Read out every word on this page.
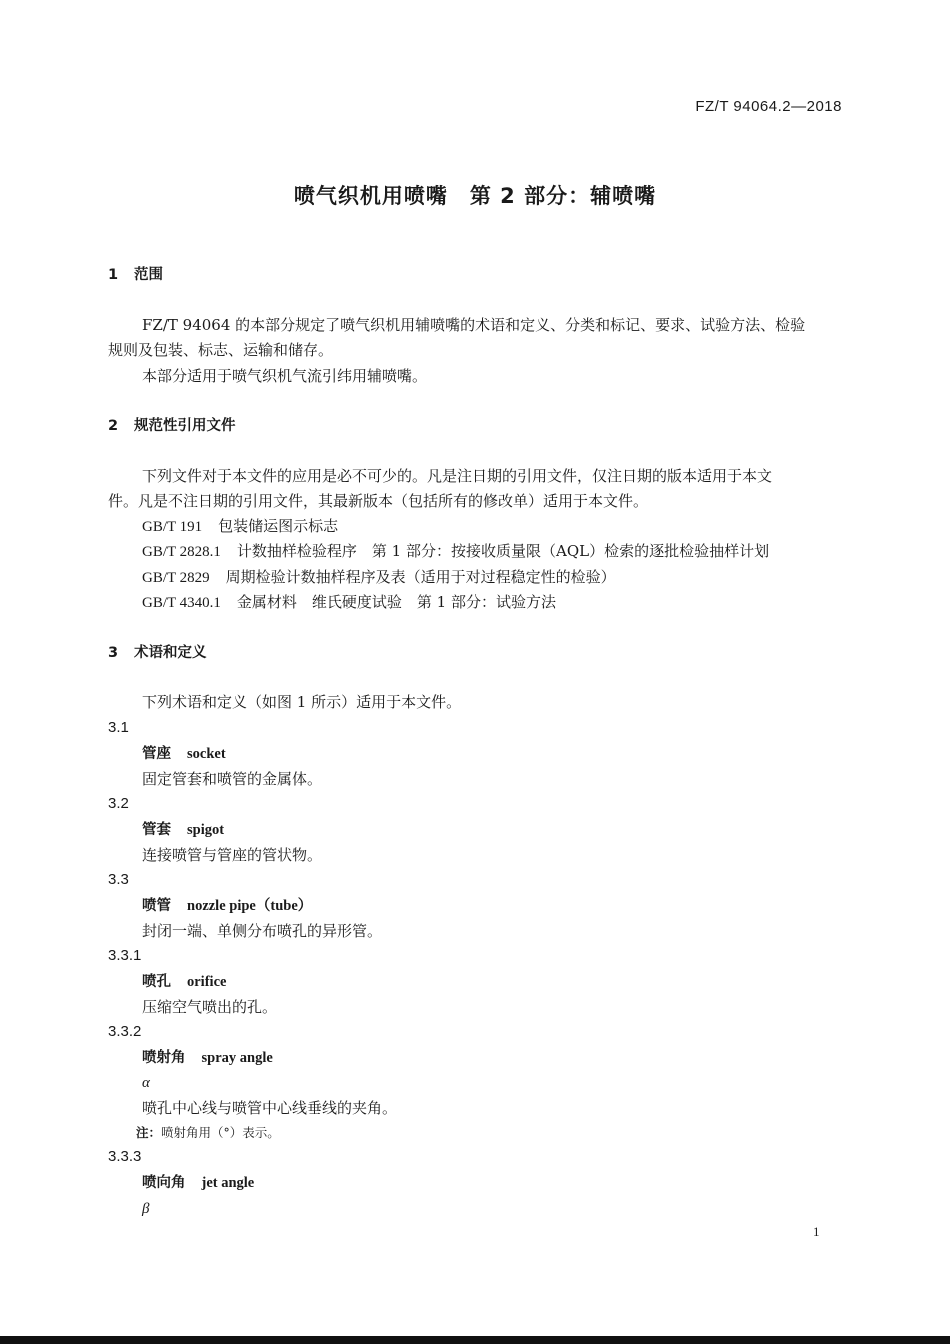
FZ/T 94064.2—2018
喷气织机用喷嘴　第 2 部分：辅喷嘴
1 范围
FZ/T 94064 的本部分规定了喷气织机用辅喷嘴的术语和定义、分类和标记、要求、试验方法、检验
规则及包装、标志、运输和储存。
本部分适用于喷气织机气流引纬用辅喷嘴。
2 规范性引用文件
下列文件对于本文件的应用是必不可少的。凡是注日期的引用文件，仅注日期的版本适用于本文
件。凡是不注日期的引用文件，其最新版本（包括所有的修改单）适用于本文件。
GB/T 191 包装储运图示标志
GB/T 2828.1 计数抽样检验程序　第 1 部分：按接收质量限（AQL）检索的逐批检验抽样计划
GB/T 2829 周期检验计数抽样程序及表（适用于对过程稳定性的检验）
GB/T 4340.1 金属材料　维氏硬度试验　第 1 部分：试验方法
3 术语和定义
下列术语和定义（如图 1 所示）适用于本文件。
3.1
管座 socket
固定管套和喷管的金属体。
3.2
管套 spigot
连接喷管与管座的管状物。
3.3
喷管 nozzle pipe（tube）
封闭一端、单侧分布喷孔的异形管。
3.3.1
喷孔 orifice
压缩空气喷出的孔。
3.3.2
喷射角 spray angle
α
喷孔中心线与喷管中心线垂线的夹角。
注：喷射角用（°）表示。
3.3.3
喷向角 jet angle
β
1
